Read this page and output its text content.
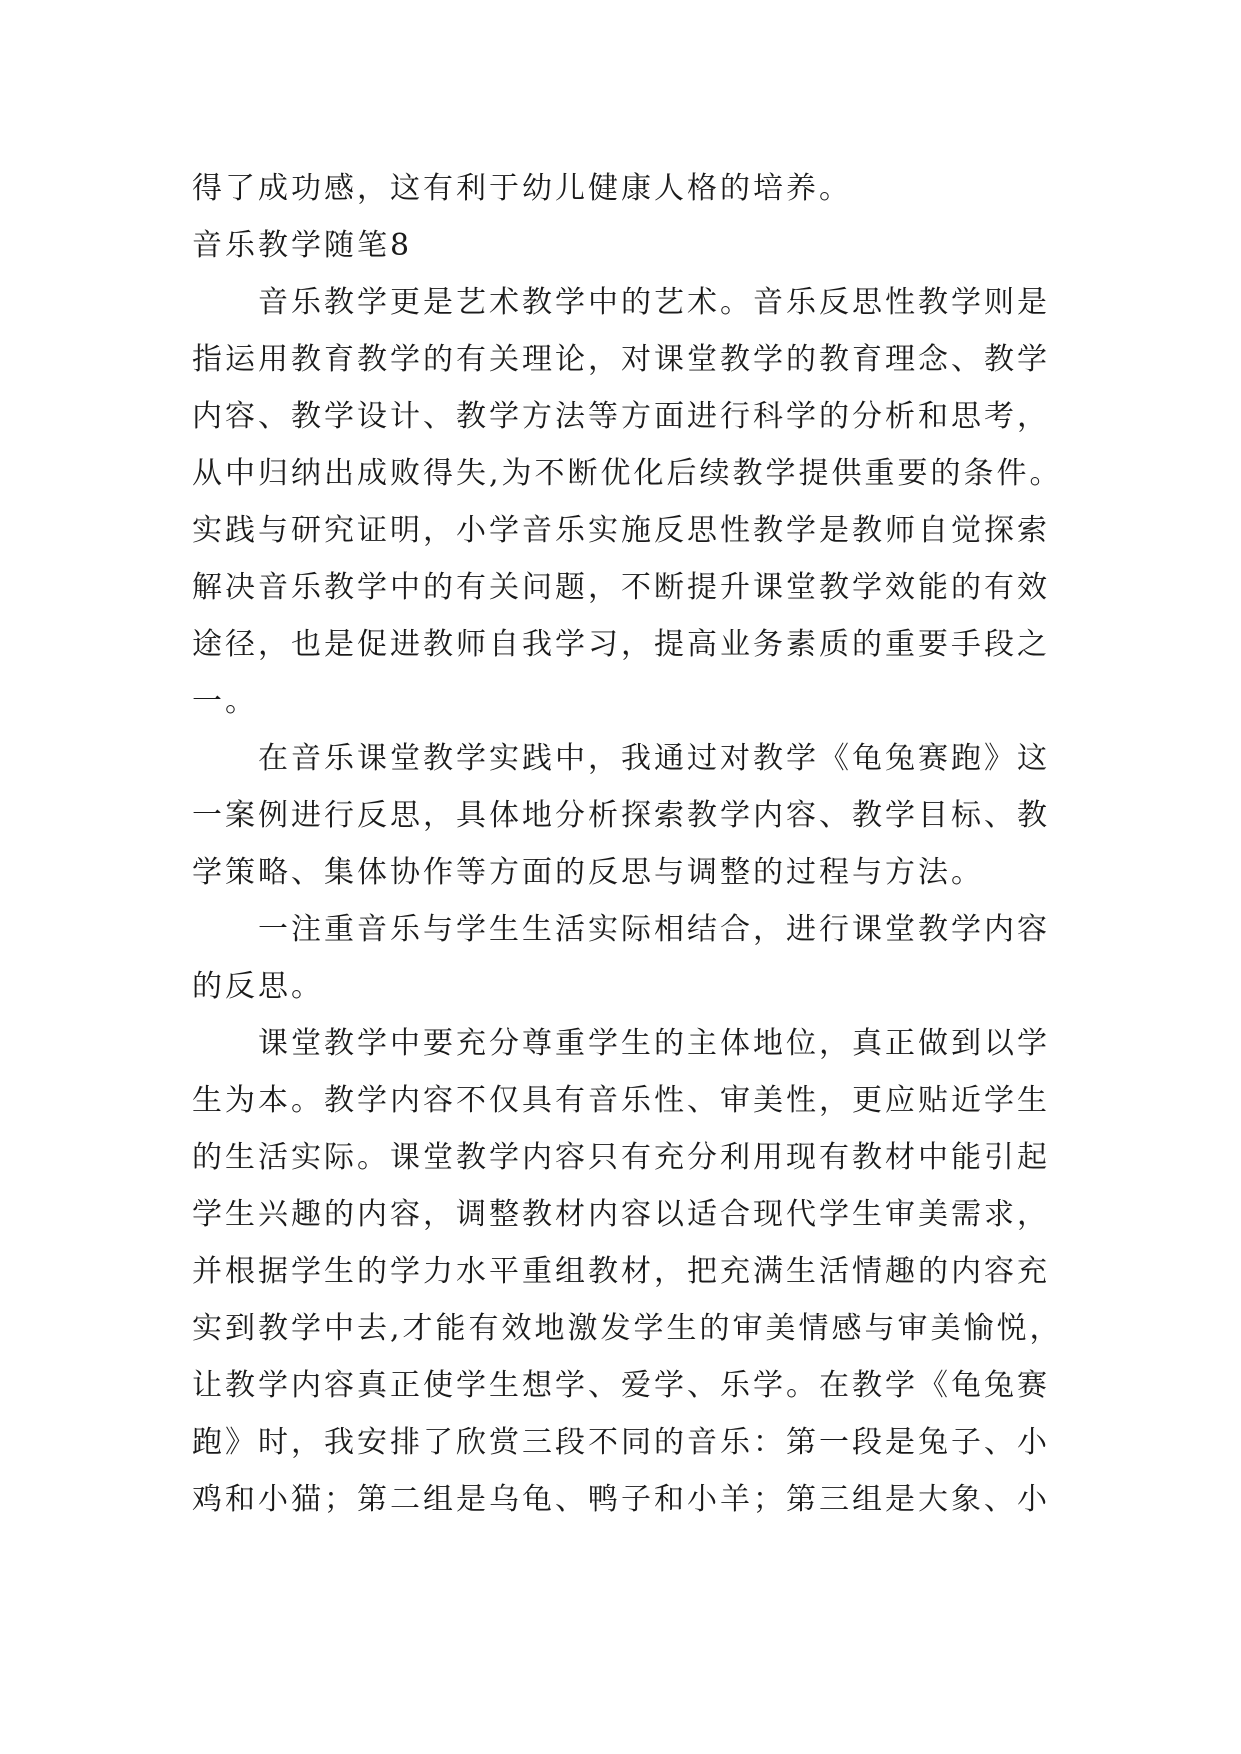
得了成功感，这有利于幼儿健康人格的培养。
音乐教学随笔8
音乐教学更是艺术教学中的艺术。音乐反思性教学则是
指运用教育教学的有关理论，对课堂教学的教育理念、教学
内容、教学设计、教学方法等方面进行科学的分析和思考，
从中归纳出成败得失,为不断优化后续教学提供重要的条件。
实践与研究证明，小学音乐实施反思性教学是教师自觉探索
解决音乐教学中的有关问题，不断提升课堂教学效能的有效
途径，也是促进教师自我学习，提高业务素质的重要手段之
一。
在音乐课堂教学实践中，我通过对教学《龟兔赛跑》这
一案例进行反思，具体地分析探索教学内容、教学目标、教
学策略、集体协作等方面的反思与调整的过程与方法。
一注重音乐与学生生活实际相结合，进行课堂教学内容
的反思。
课堂教学中要充分尊重学生的主体地位，真正做到以学
生为本。教学内容不仅具有音乐性、审美性，更应贴近学生
的生活实际。课堂教学内容只有充分利用现有教材中能引起
学生兴趣的内容，调整教材内容以适合现代学生审美需求，
并根据学生的学力水平重组教材，把充满生活情趣的内容充
实到教学中去,才能有效地激发学生的审美情感与审美愉悦，
让教学内容真正使学生想学、爱学、乐学。在教学《龟兔赛
跑》时，我安排了欣赏三段不同的音乐：第一段是兔子、小
鸡和小猫；第二组是乌龟、鸭子和小羊；第三组是大象、小
